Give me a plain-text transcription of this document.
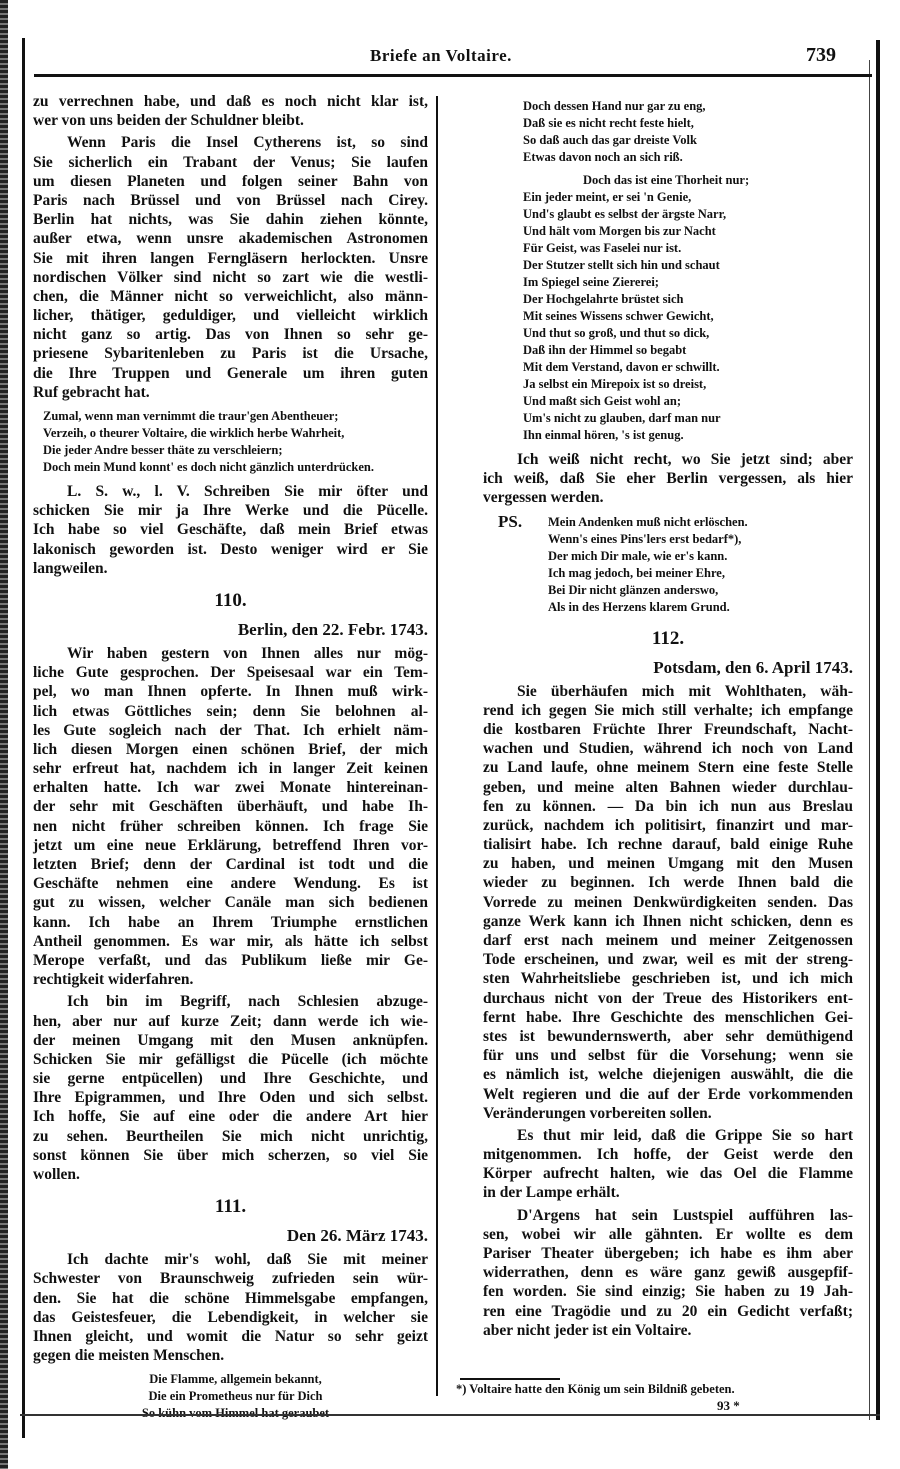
Briefe an Voltaire.	739
zu verrechnen habe, und daß es noch nicht klar ist,
wer von uns beiden der Schuldner bleibt.
Wenn Paris die Insel Cytherens ist, so sind
Sie sicherlich ein Trabant der Venus; Sie laufen
um diesen Planeten und folgen seiner Bahn von
Paris nach Brüssel und von Brüssel nach Cirey.
Berlin hat nichts, was Sie dahin ziehen könnte,
außer etwa, wenn unsre akademischen Astronomen
Sie mit ihren langen Ferngläsern herlockten. Unsre
nordischen Völker sind nicht so zart wie die westli-
chen, die Männer nicht so verweichlicht, also männ-
licher, thätiger, geduldiger, und vielleicht wirklich
nicht ganz so artig. Das von Ihnen so sehr ge-
priesene Sybaritenleben zu Paris ist die Ursache,
die Ihre Truppen und Generale um ihren guten
Ruf gebracht hat.
Zumal, wenn man vernimmt die traur'gen Abentheuer;
Verzeih, o theurer Voltaire, die wirklich herbe Wahrheit,
Die jeder Andre besser thäte zu verschleiern;
Doch mein Mund konnt' es doch nicht gänzlich unterdrücken.
L. S. w., l. V. Schreiben Sie mir öfter und
schicken Sie mir ja Ihre Werke und die Pücelle.
Ich habe so viel Geschäfte, daß mein Brief etwas
lakonisch geworden ist. Desto weniger wird er Sie
langweilen.
110.
Berlin, den 22. Febr. 1743.
Wir haben gestern von Ihnen alles nur mög-
liche Gute gesprochen. Der Speisesaal war ein Tem-
pel, wo man Ihnen opferte. In Ihnen muß wirk-
lich etwas Göttliches sein; denn Sie belohnen al-
les Gute sogleich nach der That. Ich erhielt näm-
lich diesen Morgen einen schönen Brief, der mich
sehr erfreut hat, nachdem ich in langer Zeit keinen
erhalten hatte. Ich war zwei Monate hintereinan-
der sehr mit Geschäften überhäuft, und habe Ih-
nen nicht früher schreiben können. Ich frage Sie
jetzt um eine neue Erklärung, betreffend Ihren vor-
letzten Brief; denn der Cardinal ist todt und die
Geschäfte nehmen eine andere Wendung. Es ist
gut zu wissen, welcher Canäle man sich bedienen
kann. Ich habe an Ihrem Triumphe ernstlichen
Antheil genommen. Es war mir, als hätte ich selbst
Merope verfaßt, und das Publikum ließe mir Ge-
rechtigkeit widerfahren.
Ich bin im Begriff, nach Schlesien abzuge-
hen, aber nur auf kurze Zeit; dann werde ich wie-
der meinen Umgang mit den Musen anknüpfen.
Schicken Sie mir gefälligst die Pücelle (ich möchte
sie gerne entpücellen) und Ihre Geschichte, und
Ihre Epigrammen, und Ihre Oden und sich selbst.
Ich hoffe, Sie auf eine oder die andere Art hier
zu sehen. Beurtheilen Sie mich nicht unrichtig,
sonst können Sie über mich scherzen, so viel Sie
wollen.
111.
Den 26. März 1743.
Ich dachte mir's wohl, daß Sie mit meiner
Schwester von Braunschweig zufrieden sein wür-
den. Sie hat die schöne Himmelsgabe empfangen,
das Geistesfeuer, die Lebendigkeit, in welcher sie
Ihnen gleicht, und womit die Natur so sehr geizt
gegen die meisten Menschen.
Die Flamme, allgemein bekannt,
Die ein Prometheus nur für Dich
Doch dessen Hand nur gar zu eng,
Daß sie es nicht recht feste hielt,
So daß auch das gar dreiste Volk
Etwas davon noch an sich riß.
Doch das ist eine Thorheit nur;
Ein jeder meint, er sei 'n Genie,
Und's glaubt es selbst der ärgste Narr,
Und hält vom Morgen bis zur Nacht
Für Geist, was Faselei nur ist.
Der Stutzer stellt sich hin und schaut
Im Spiegel seine Ziererei;
Der Hochgelahrte brüstet sich
Mit seines Wissens schwer Gewicht,
Und thut so groß, und thut so dick,
Daß ihn der Himmel so begabt
Mit dem Verstand, davon er schwillt.
Ja selbst ein Mirepoix ist so dreist,
Und maßt sich Geist wohl an;
Um's nicht zu glauben, darf man nur
Ihn einmal hören, 's ist genug.
Ich weiß nicht recht, wo Sie jetzt sind; aber
ich weiß, daß Sie eher Berlin vergessen, als hier
vergessen werden.
PS. Mein Andenken muß nicht erlöschen.
Wenn's eines Pins'lers erst bedarf*),
Der mich Dir male, wie er's kann.
Ich mag jedoch, bei meiner Ehre,
Bei Dir nicht glänzen anderswo,
Als in des Herzens klarem Grund.
112.
Potsdam, den 6. April 1743.
Sie überhäufen mich mit Wohlthaten, wäh-
rend ich gegen Sie mich still verhalte; ich empfange
die kostbaren Früchte Ihrer Freundschaft, Nacht-
wachen und Studien, während ich noch von Land
zu Land laufe, ohne meinem Stern eine feste Stelle
geben, und meine alten Bahnen wieder durchlau-
fen zu können. — Da bin ich nun aus Breslau
zurück, nachdem ich politisirt, finanzirt und mar-
tialisirt habe. Ich rechne darauf, bald einige Ruhe
zu haben, und meinen Umgang mit den Musen
wieder zu beginnen. Ich werde Ihnen bald die
Vorrede zu meinen Denkwürdigkeiten senden. Das
ganze Werk kann ich Ihnen nicht schicken, denn es
darf erst nach meinem und meiner Zeitgenossen
Tode erscheinen, und zwar, weil es mit der streng-
sten Wahrheitsliebe geschrieben ist, und ich mich
durchaus nicht von der Treue des Historikers ent-
fernt habe. Ihre Geschichte des menschlichen Gei-
stes ist bewundernswerth, aber sehr demüthigend
für uns und selbst für die Vorsehung; wenn sie
es nämlich ist, welche diejenigen auswählt, die die
Welt regieren und die auf der Erde vorkommenden
Veränderungen vorbereiten sollen.
Es thut mir leid, daß die Grippe Sie so hart
mitgenommen. Ich hoffe, der Geist werde den
Körper aufrecht halten, wie das Oel die Flamme
in der Lampe erhält.
D'Argens hat sein Lustspiel aufführen las-
sen, wobei wir alle gähnten. Er wollte es dem
Pariser Theater übergeben; ich habe es ihm aber
widerrathen, denn es wäre ganz gewiß ausgepfif-
fen worden. Sie sind einzig; Sie haben zu 19 Jah-
ren eine Tragödie und zu 20 ein Gedicht verfaßt;
aber nicht jeder ist ein Voltaire.
*) Voltaire hatte den König um sein Bildniß gebeten.
93 *
